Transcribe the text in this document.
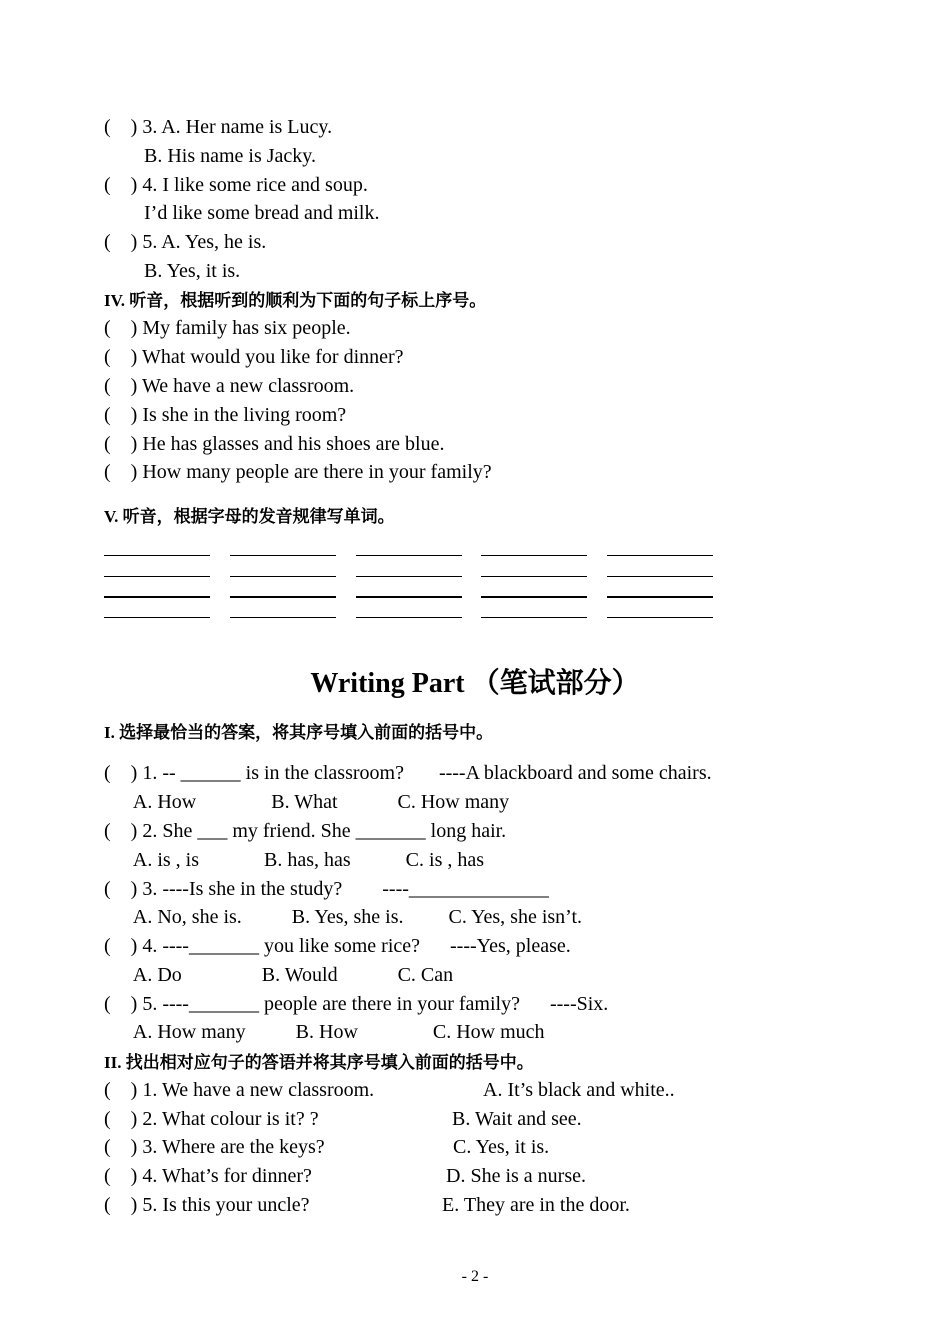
(    ) 3. A. Her name is Lucy.
B. His name is Jacky.
(    ) 4. I like some rice and soup.
I’d like some bread and milk.
(    ) 5. A. Yes, he is.
B. Yes, it is.
IV. 听音，根据听到的顺利为下面的句子标上序号。
(    ) My family has six people.
(    ) What would you like for dinner?
(    ) We have a new classroom.
(    ) Is she in the living room?
(    ) He has glasses and his shoes are blue.
(    ) How many people are there in your family?
V. 听音，根据字母的发音规律写单词。
Writing Part （笔试部分）
I. 选择最恰当的答案，将其序号填入前面的括号中。
(    ) 1. -- ______ is in the classroom?       ----A blackboard and some chairs.
A. How               B. What            C. How many
(    ) 2. She ___ my friend. She _______ long hair.
A. is , is             B. has, has           C. is , has
(    ) 3. ----Is she in the study?        ----______________
A. No, she is.          B. Yes, she is.         C. Yes, she isn’t.
(    ) 4. ----_______ you like some rice?      ----Yes, please.
A. Do                B. Would            C. Can
(    ) 5. ----_______ people are there in your family?      ----Six.
A. How many          B. How               C. How much
II. 找出相对应句子的答语并将其序号填入前面的括号中。
(    ) 1. We have a new classroom.
(    ) 2. What colour is it? ?
(    ) 3. Where are the keys?
(    ) 4. What’s for dinner?
(    ) 5. Is this your uncle?
A. It’s black and white..
B. Wait and see.
C. Yes, it is.
D. She is a nurse.
E. They are in the door.
- 2 -
